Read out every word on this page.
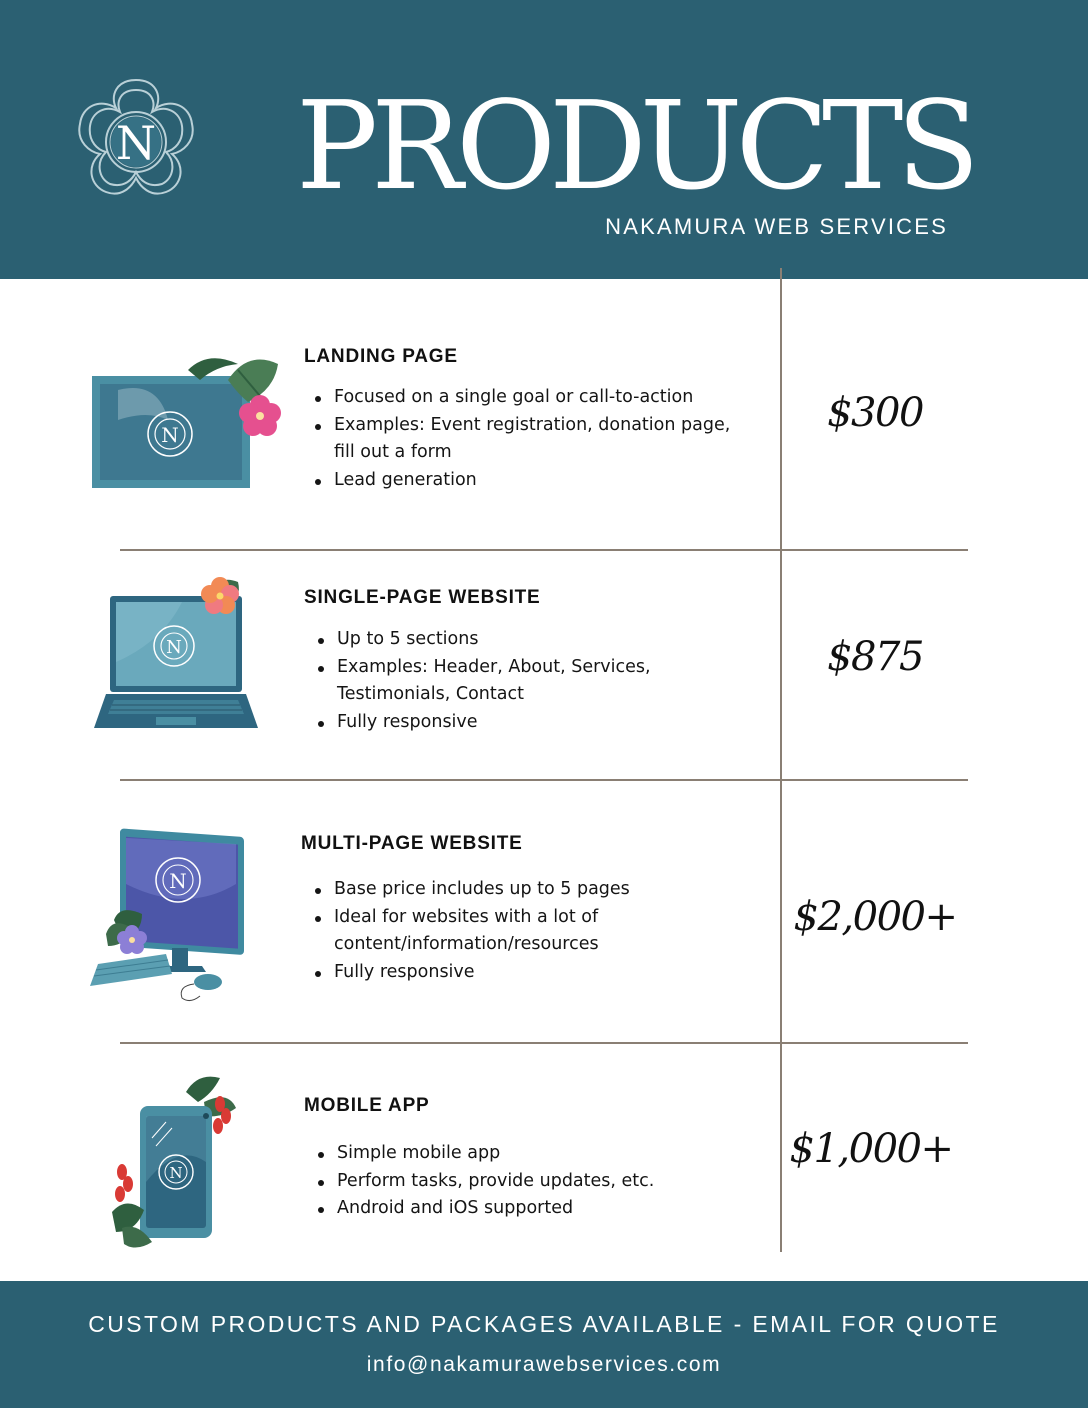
N PRODUCTS
NAKAMURA WEB SERVICES
N
LANDING PAGE
Focused on a single goal or call-to-action
Examples: Event registration, donation page, fill out a form
Lead generation
$300
N
SINGLE-PAGE WEBSITE
Up to 5 sections
Examples: Header, About, Services, Testimonials, Contact
Fully responsive
$875
N
MULTI-PAGE WEBSITE
Base price includes up to 5 pages
Ideal for websites with a lot of content/information/resources
Fully responsive
$2,000+
N
MOBILE APP
Simple mobile app
Perform tasks, provide updates, etc.
Android and iOS supported
$1,000+
CUSTOM PRODUCTS AND PACKAGES AVAILABLE - EMAIL FOR QUOTE
info@nakamurawebservices.com
